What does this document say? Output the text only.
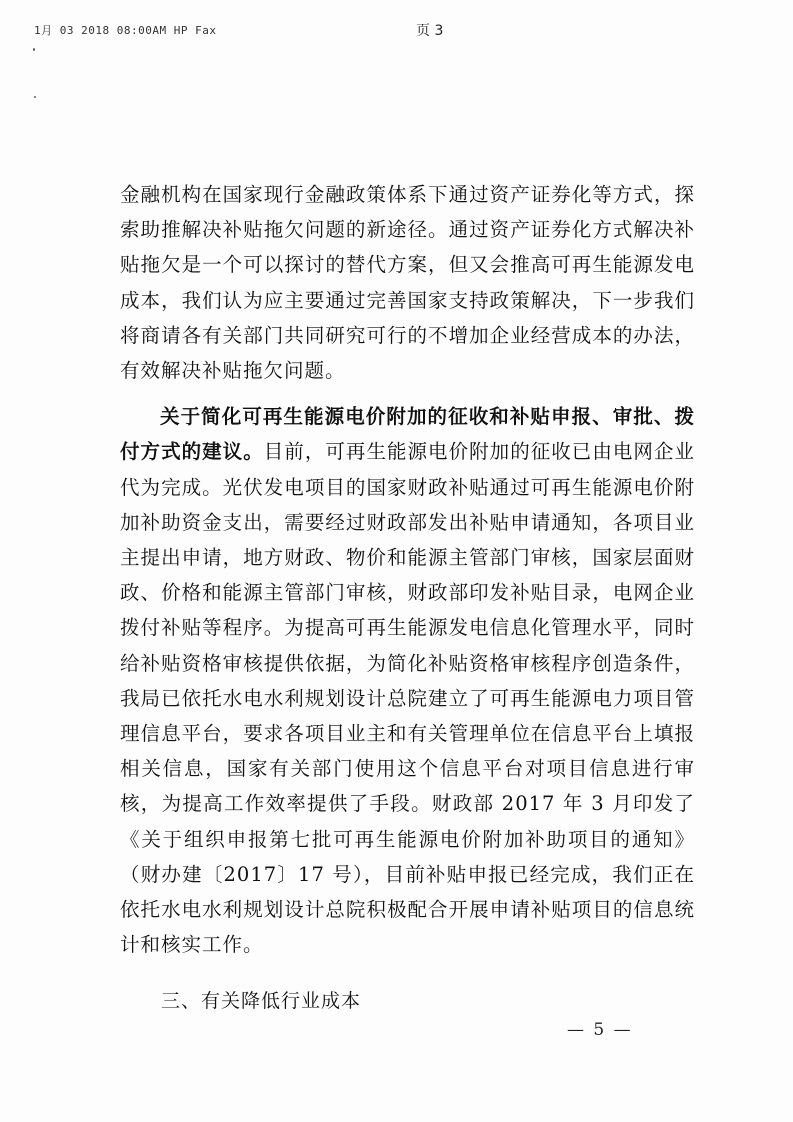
1月 03 2018 08:00AM HP Fax	页 3

金融机构在国家现行金融政策体系下通过资产证券化等方式，探索助推解决补贴拖欠问题的新途径。通过资产证券化方式解决补贴拖欠是一个可以探讨的替代方案，但又会推高可再生能源发电成本，我们认为应主要通过完善国家支持政策解决，下一步我们将商请各有关部门共同研究可行的不增加企业经营成本的办法，有效解决补贴拖欠问题。

关于简化可再生能源电价附加的征收和补贴申报、审批、拨付方式的建议。目前，可再生能源电价附加的征收已由电网企业代为完成。光伏发电项目的国家财政补贴通过可再生能源电价附加补助资金支出，需要经过财政部发出补贴申请通知，各项目业主提出申请，地方财政、物价和能源主管部门审核，国家层面财政、价格和能源主管部门审核，财政部印发补贴目录，电网企业拨付补贴等程序。为提高可再生能源发电信息化管理水平，同时给补贴资格审核提供依据，为简化补贴资格审核程序创造条件，我局已依托水电水利规划设计总院建立了可再生能源电力项目管理信息平台，要求各项目业主和有关管理单位在信息平台上填报相关信息，国家有关部门使用这个信息平台对项目信息进行审核，为提高工作效率提供了手段。财政部 2017 年 3 月印发了《关于组织申报第七批可再生能源电价附加补助项目的通知》（财办建〔2017〕17 号），目前补贴申报已经完成，我们正在依托水电水利规划设计总院积极配合开展申请补贴项目的信息统计和核实工作。

三、有关降低行业成本
— 5 —
